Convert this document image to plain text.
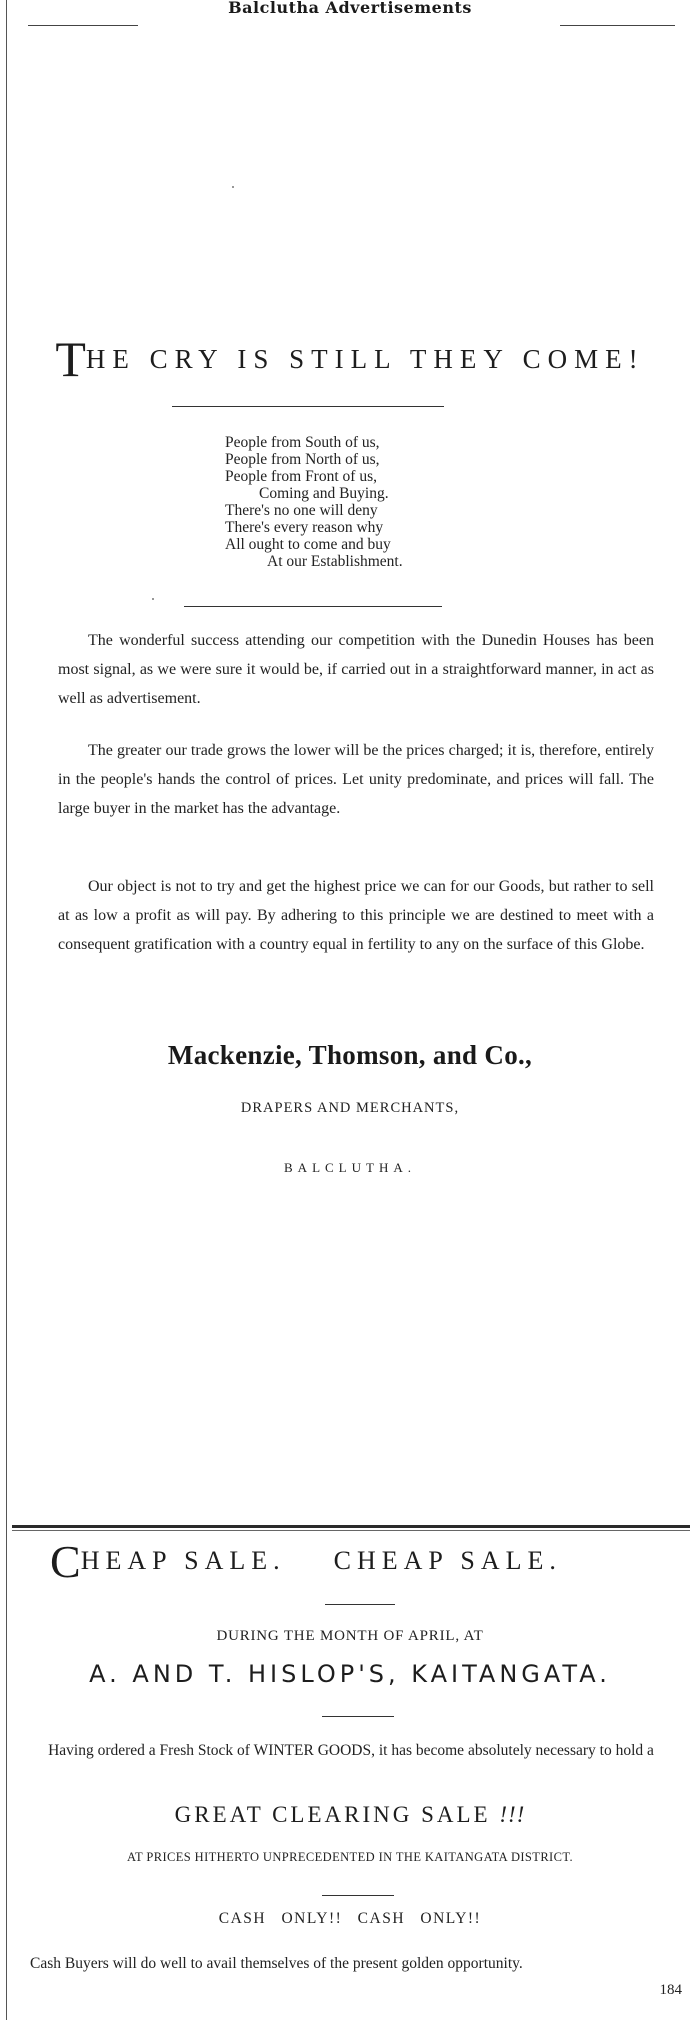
Balclutha Advertisements
THE CRY IS STILL THEY COME!
People from South of us,
People from North of us,
People from Front of us,
Coming and Buying.
There's no one will deny
There's every reason why
All ought to come and buy
At our Establishment.
The wonderful success attending our competition with the Dunedin Houses has been most signal, as we were sure it would be, if carried out in a straightforward manner, in act as well as advertisement.
The greater our trade grows the lower will be the prices charged; it is, therefore, entirely in the people's hands the control of prices. Let unity predominate, and prices will fall. The large buyer in the market has the advantage.
Our object is not to try and get the highest price we can for our Goods, but rather to sell at as low a profit as will pay. By adhering to this principle we are destined to meet with a consequent gratification with a country equal in fertility to any on the surface of this Globe.
Mackenzie, Thomson, and Co.,
DRAPERS AND MERCHANTS,
BALCLUTHA.
CHEAP SALE. CHEAP SALE.
DURING THE MONTH OF APRIL, AT
A. AND T. HISLOP'S, KAITANGATA.
Having ordered a Fresh Stock of WINTER GOODS, it has become absolutely necessary to hold a
GREAT CLEARING SALE !!!
AT PRICES HITHERTO UNPRECEDENTED IN THE KAITANGATA DISTRICT.
CASH ONLY!! CASH ONLY!!
Cash Buyers will do well to avail themselves of the present golden opportunity.
184
